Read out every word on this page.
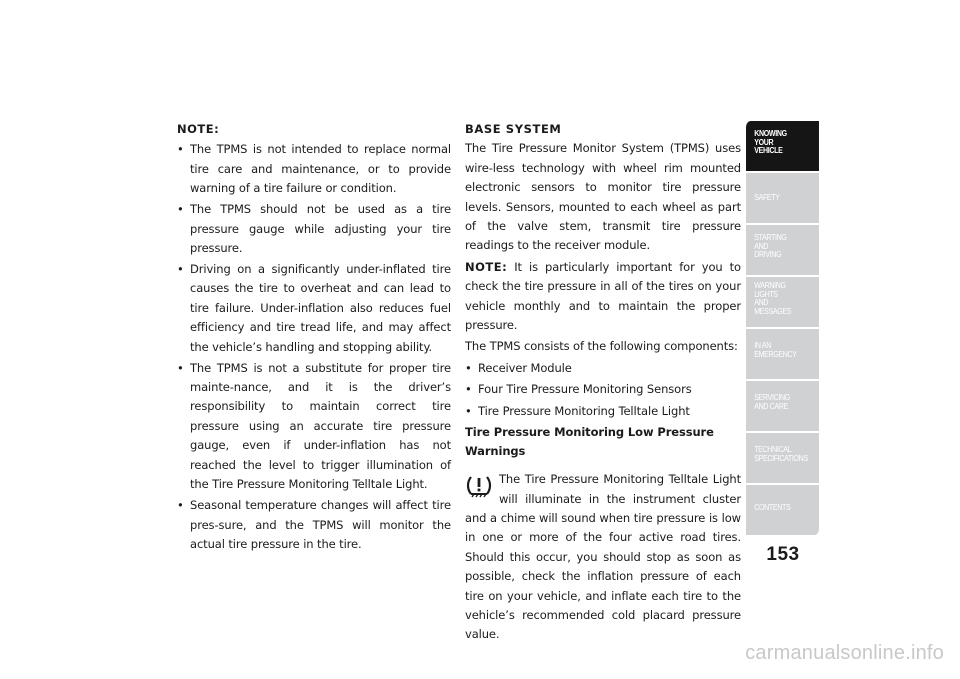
NOTE:
• The TPMS is not intended to replace normal tire care and maintenance, or to provide warning of a tire failure or condition.
• The TPMS should not be used as a tire pressure gauge while adjusting your tire pressure.
• Driving on a significantly under-inflated tire causes the tire to overheat and can lead to tire failure. Under-inflation also reduces fuel efficiency and tire tread life, and may affect the vehicle’s handling and stopping ability.
• The TPMS is not a substitute for proper tire mainte-nance, and it is the driver’s responsibility to maintain correct tire pressure using an accurate tire pressure gauge, even if under-inflation has not reached the level to trigger illumination of the Tire Pressure Monitoring Telltale Light.
• Seasonal temperature changes will affect tire pres-sure, and the TPMS will monitor the actual tire pressure in the tire.
BASE SYSTEM

The Tire Pressure Monitor System (TPMS) uses wire-less technology with wheel rim mounted electronic sensors to monitor tire pressure levels. Sensors, mounted to each wheel as part of the valve stem, transmit tire pressure readings to the receiver module.

NOTE: It is particularly important for you to check the tire pressure in all of the tires on your vehicle monthly and to maintain the proper pressure.

The TPMS consists of the following components:

• Receiver Module
• Four Tire Pressure Monitoring Sensors
• Tire Pressure Monitoring Telltale Light
Tire Pressure Monitoring Low Pressure Warnings

The Tire Pressure Monitoring Telltale Light will illuminate in the instrument cluster and a chime will sound when tire pressure is low in one or more of the four active road tires. Should this occur, you should stop as soon as possible, check the inflation pressure of each tire on your vehicle, and inflate each tire to the vehicle’s recommended cold placard pressure value.

KNOWING
YOUR
VEHICLE
SAFETY
STARTING
AND
DRIVING
WARNING
LIGHTS
AND
MESSAGES
IN AN
EMERGENCY
SERVICING
AND CARE
TECHNICAL
SPECIFICATIONS
CONTENTS
153
carmanualsonline.info
